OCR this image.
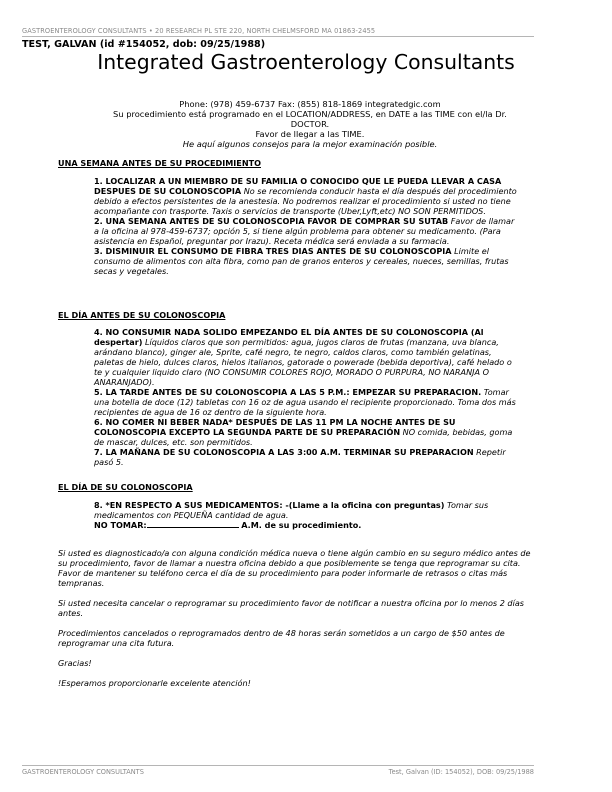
GASTROENTEROLOGY CONSULTANTS • 20 RESEARCH PL STE 220, NORTH CHELMSFORD MA 01863-2455
TEST, GALVAN (id #154052, dob: 09/25/1988)
Integrated Gastroenterology Consultants
Phone: (978) 459-6737 Fax: (855) 818-1869 integratedgic.com
Su procedimiento está programado en el LOCATION/ADDRESS, en DATE a las TIME con el/la Dr.
DOCTOR.
Favor de llegar a las TIME.
He aquí algunos consejos para la mejor examinación posible.
UNA SEMANA ANTES DE SU PROCEDIMIENTO

1. LOCALIZAR A UN MIEMBRO DE SU FAMILIA O CONOCIDO QUE LE PUEDA LLEVAR A CASA DESPUES DE SU COLONOSCOPIA No se recomienda conducir hasta el día después del procedimiento debido a efectos persistentes de la anestesia. No podremos realizar el procedimiento si usted no tiene acompañante con trasporte. Taxis o servicios de transporte (Uber,Lyft,etc) NO SON PERMITIDOS.

2. UNA SEMANA ANTES DE SU COLONOSCOPIA FAVOR DE COMPRAR SU SUTAB Favor de llamar a la oficina al 978-459-6737; opción 5, si tiene algún problema para obtener su medicamento. (Para asistencia en Español, preguntar por Irazu). Receta médica será enviada a su farmacia.

3. DISMINUIR EL CONSUMO DE FIBRA TRES DIAS ANTES DE SU COLONOSCOPIA Limite el consumo de alimentos con alta fibra, como pan de granos enteros y cereales, nueces, semillas, frutas secas y vegetales.

EL DÍA ANTES DE SU COLONOSCOPIA

4. NO CONSUMIR NADA SOLIDO EMPEZANDO EL DÍA ANTES DE SU COLONOSCOPIA (Al despertar) Líquidos claros que son permitidos: agua, jugos claros de frutas (manzana, uva blanca, arándano blanco), ginger ale, Sprite, café negro, te negro, caldos claros, como también gelatinas, paletas de hielo, dulces claros, hielos italianos, gatorade o powerade (bebida deportiva), café helado o te y cualquier liquido claro (NO CONSUMIR COLORES ROJO, MORADO O PURPURA, NO NARANJA O ANARANJADO).

5. LA TARDE ANTES DE SU COLONOSCOPIA A LAS 5 P.M.: EMPEZAR SU PREPARACION. Tomar una botella de doce (12) tabletas con 16 oz de agua usando el recipiente proporcionado. Toma dos más recipientes de agua de 16 oz dentro de la siguiente hora.

6. NO COMER NI BEBER NADA* DESPUÉS DE LAS 11 PM LA NOCHE ANTES DE SU COLONOSCOPIA EXCEPTO LA SEGUNDA PARTE DE SU PREPARACIÓN NO comida, bebidas, goma de mascar, dulces, etc. son permitidos.

7. LA MAÑANA DE SU COLONOSCOPIA A LAS 3:00 A.M. TERMINAR SU PREPARACION Repetir pasó 5.

EL DÍA DE SU COLONOSCOPIA

8. *EN RESPECTO A SUS MEDICAMENTOS: -(Llame a la oficina con preguntas) Tomar sus medicamentos con PEQUEÑA cantidad de agua.

NO TOMAR:	A.M. de su procedimiento.

Si usted es diagnosticado/a con alguna condición médica nueva o tiene algún cambio en su seguro médico antes de su procedimiento, favor de llamar a nuestra oficina debido a que posiblemente se tenga que reprogramar su cita. Favor de mantener su teléfono cerca el día de su procedimiento para poder informarle de retrasos o citas más tempranas.

Si usted necesita cancelar o reprogramar su procedimiento favor de notificar a nuestra oficina por lo menos 2 días antes.

Procedimientos cancelados o reprogramados dentro de 48 horas serán sometidos a un cargo de $50 antes de reprogramar una cita futura.

Gracias!

!Esperamos proporcionarle excelente atención!

GASTROENTEROLOGY CONSULTANTS	Test, Galvan (ID: 154052), DOB: 09/25/1988
